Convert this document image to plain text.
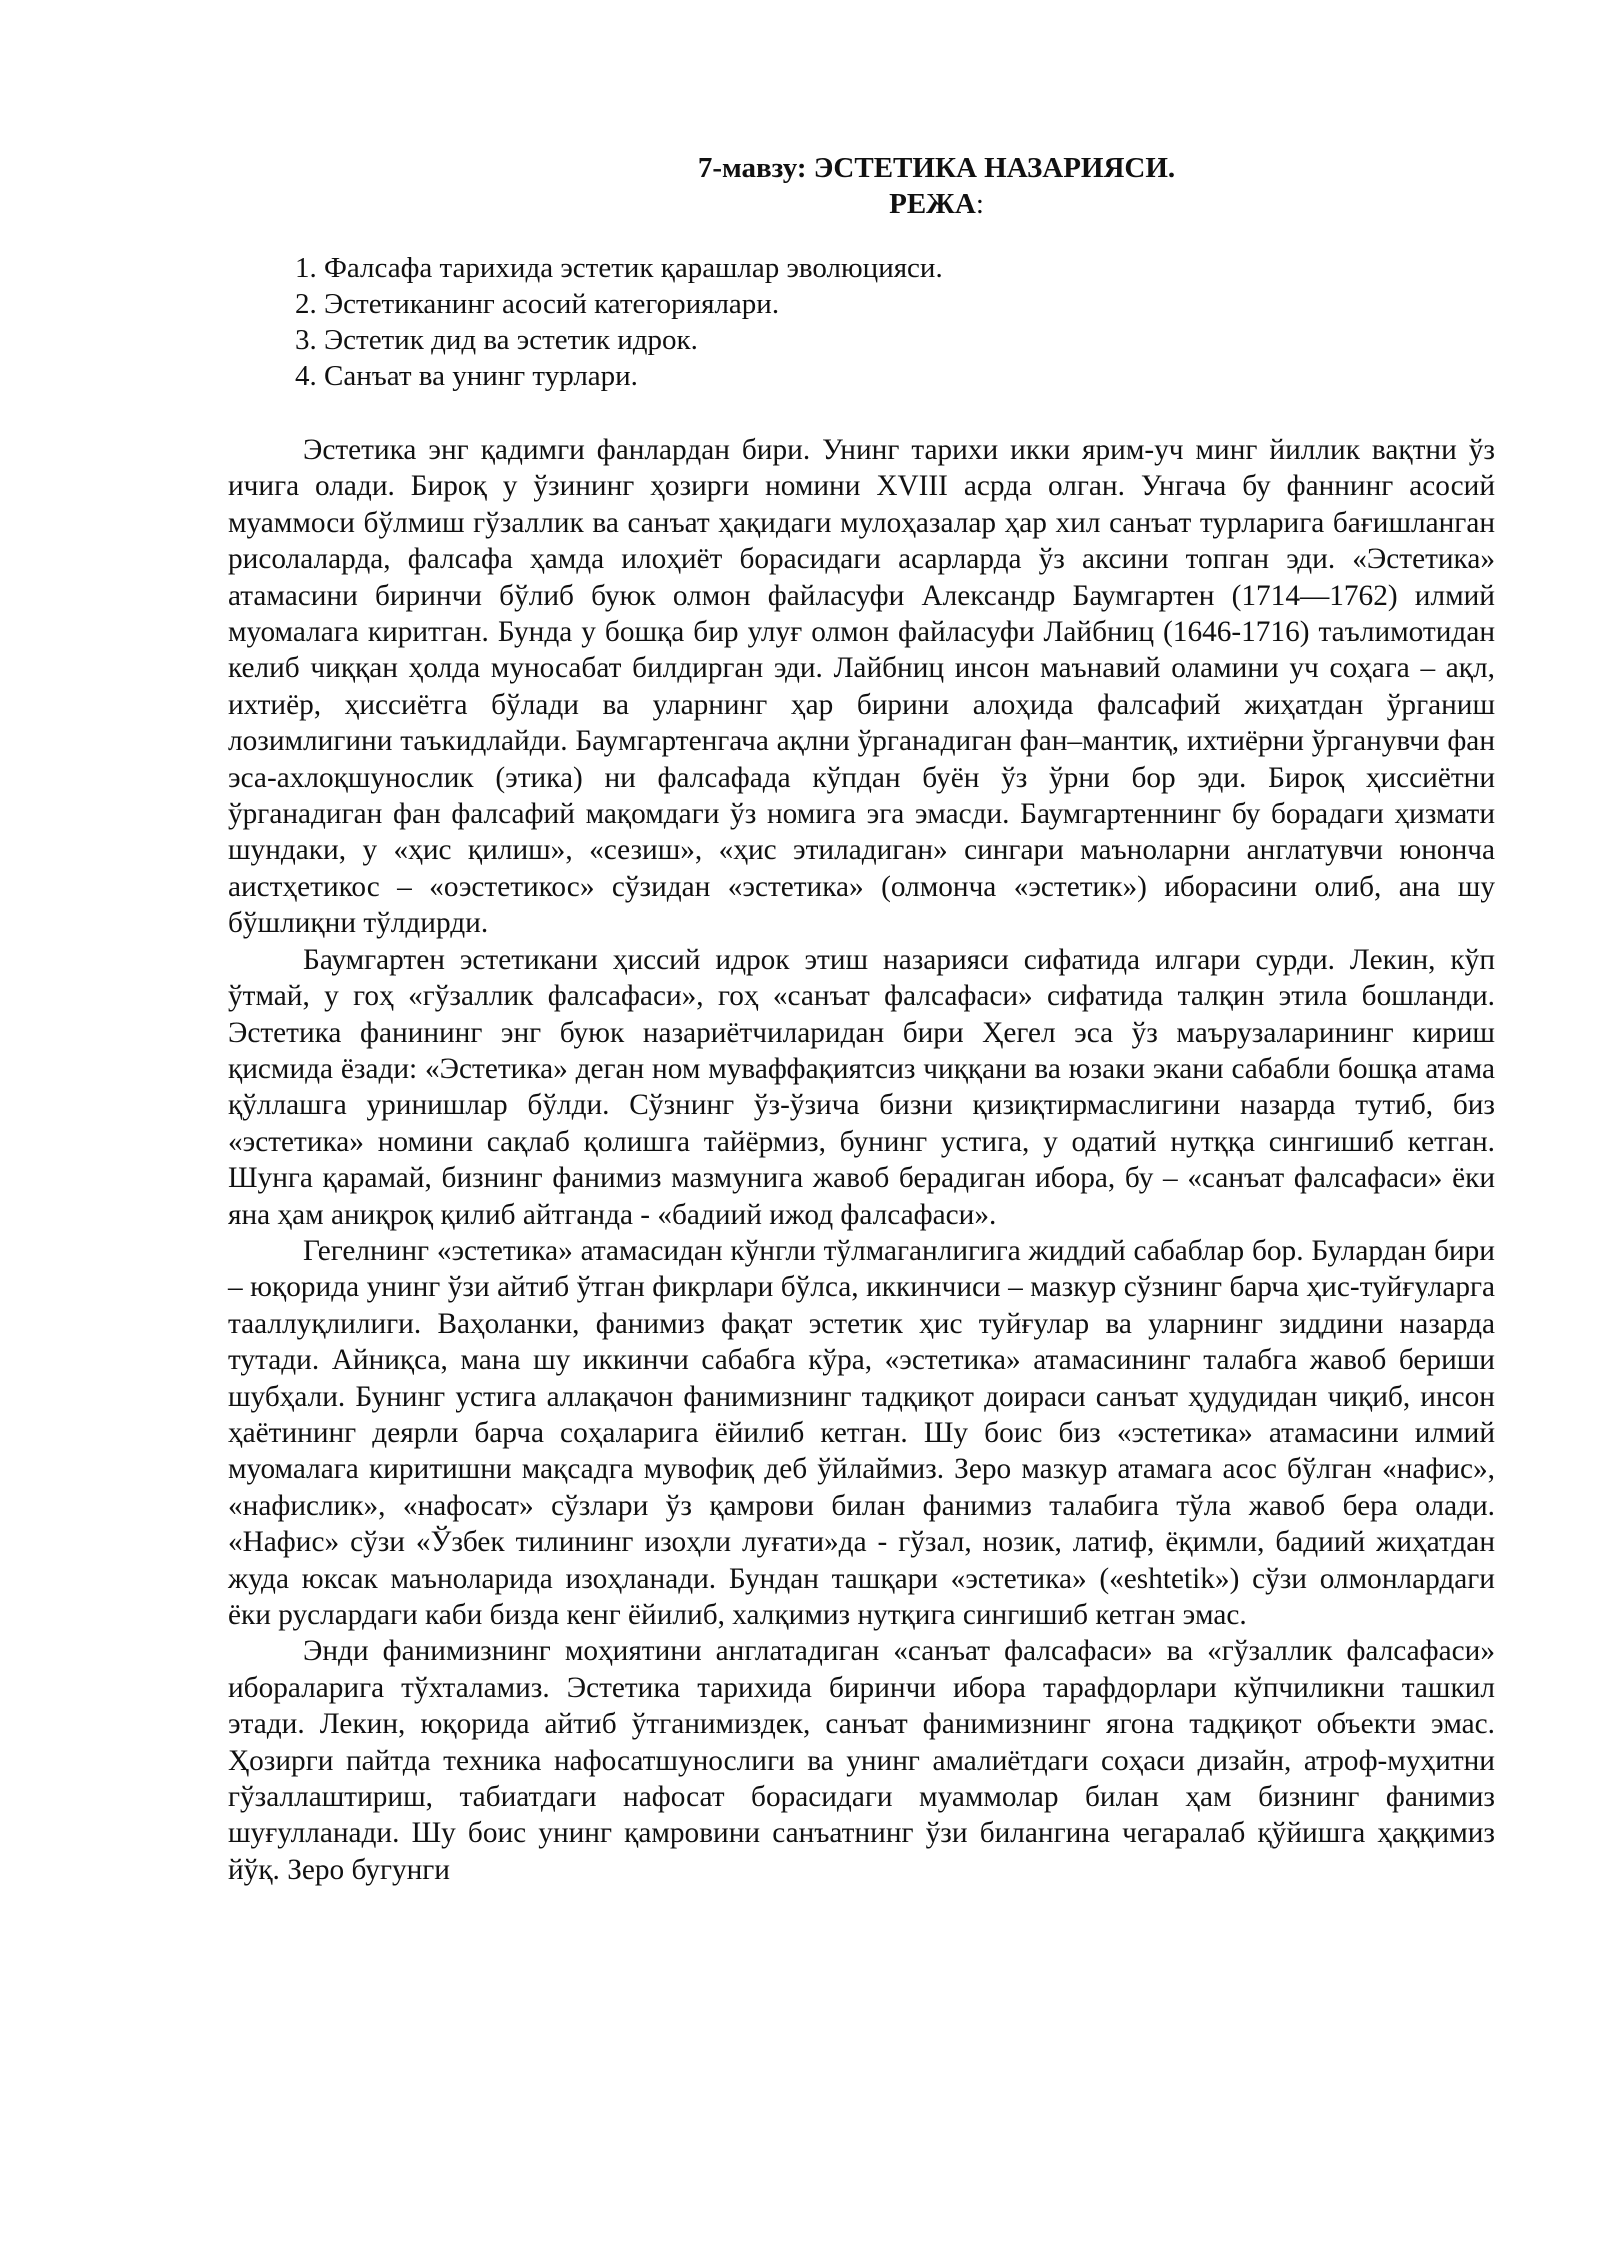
7-мавзу: ЭСТЕТИКА НАЗАРИЯСИ.
РЕЖА:
1. Фалсафа тарихида эстетик қарашлар эволюцияси.
2. Эстетиканинг асосий категориялари.
3. Эстетик дид ва эстетик идрок.
4. Санъат ва унинг турлари.

Эстетика энг қадимги фанлардан бири. Унинг тарихи икки ярим-уч минг йиллик вақтни ўз ичига олади. Бироқ у ўзининг ҳозирги номини XVIII асрда олган. Унгача бу фаннинг асосий муаммоси бўлмиш гўзаллик ва санъат ҳақидаги мулоҳазалар ҳар хил санъат турларига бағишланган рисолаларда, фалсафа ҳамда илоҳиёт борасидаги асарларда ўз аксини топган эди. «Эстетика» атамасини биринчи бўлиб буюк олмон файласуфи Александр Баумгартен (1714—1762) илмий муомалага киритган. Бунда у бошқа бир улуғ олмон файласуфи Лайбниц (1646-1716) таълимотидан келиб чиққан ҳолда муносабат билдирган эди. Лайбниц инсон маънавий оламини уч соҳага – ақл, ихтиёр, ҳиссиётга бўлади ва уларнинг ҳар бирини алоҳида фалсафий жиҳатдан ўрганиш лозимлигини таъкидлайди. Баумгартенгача ақлни ўрганадиган фан–мантиқ, ихтиёрни ўрганувчи фан эса-ахлоқшунослик (этика) ни фалсафада кўпдан буён ўз ўрни бор эди. Бироқ ҳиссиётни ўрганадиган фан фалсафий мақомдаги ўз номига эга эмасди. Баумгартеннинг бу борадаги ҳизмати шундаки, у «ҳис қилиш», «сезиш», «ҳис этиладиган» сингари маъноларни англатувчи юнонча аистҳетикос – «оэстетикос» сўзидан «эстетика» (олмонча «эстетик») иборасини олиб, ана шу бўшлиқни тўлдирди.

Баумгартен эстетикани ҳиссий идрок этиш назарияси сифатида илгари сурди. Лекин, кўп ўтмай, у гоҳ «гўзаллик фалсафаси», гоҳ «санъат фалсафаси» сифатида талқин этила бошланди. Эстетика фанининг энг буюк назариётчиларидан бири Ҳегел эса ўз маърузаларининг кириш қисмида ёзади: «Эстетика» деган ном муваффақиятсиз чиққани ва юзаки экани сабабли бошқа атама қўллашга уринишлар бўлди. Сўзнинг ўз-ўзича бизни қизиқтирмаслигини назарда тутиб, биз «эстетика» номини сақлаб қолишга тайёрмиз, бунинг устига, у одатий нутққа сингишиб кетган. Шунга қарамай, бизнинг фанимиз мазмунига жавоб берадиган ибора, бу – «санъат фалсафаси» ёки яна ҳам аниқроқ қилиб айтганда - «бадиий ижод фалсафаси».

Гегелнинг «эстетика» атамасидан кўнгли тўлмаганлигига жиддий сабаблар бор. Булардан бири – юқорида унинг ўзи айтиб ўтган фикрлари бўлса, иккинчиси – мазкур сўзнинг барча ҳис-туйғуларга тааллуқлилиги. Ваҳоланки, фанимиз фақат эстетик ҳис туйғулар ва уларнинг зиддини назарда тутади. Айниқса, мана шу иккинчи сабабга кўра, «эстетика» атамасининг талабга жавоб бериши шубҳали. Бунинг устига аллақачон фанимизнинг тадқиқот доираси санъат ҳудудидан чиқиб, инсон ҳаётининг деярли барча соҳаларига ёйилиб кетган. Шу боис биз «эстетика» атамасини илмий муомалага киритишни мақсадга мувофиқ деб ўйлаймиз. Зеро мазкур атамага асос бўлган «нафис», «нафислик», «нафосат» сўзлари ўз қамрови билан фанимиз талабига тўла жавоб бера олади. «Нафис» сўзи «Ўзбек тилининг изоҳли луғати»да - гўзал, нозик, латиф, ёқимли, бадиий жиҳатдан жуда юксак маъноларида изоҳланади. Бундан ташқари «эстетика» («eshtetik») сўзи олмонлардаги ёки руслардаги каби бизда кенг ёйилиб, халқимиз нутқига сингишиб кетган эмас.

Энди фанимизнинг моҳиятини англатадиган «санъат фалсафаси» ва «гўзаллик фалсафаси» ибораларига тўхталамиз. Эстетика тарихида биринчи ибора тарафдорлари кўпчиликни ташкил этади. Лекин, юқорида айтиб ўтганимиздек, санъат фанимизнинг ягона тадқиқот объекти эмас. Ҳозирги пайтда техника нафосатшунослиги ва унинг амалиётдаги соҳаси дизайн, атроф-муҳитни гўзаллаштириш, табиатдаги нафосат борасидаги муаммолар билан ҳам бизнинг фанимиз шуғулланади. Шу боис унинг қамровини санъатнинг ўзи билангина чегаралаб қўйишга ҳаққимиз йўқ. Зеро бугунги
